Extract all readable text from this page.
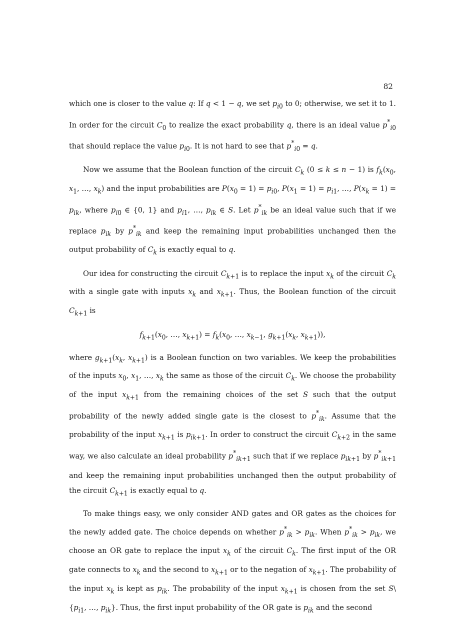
82

which one is closer to the value q: If q < 1 − q, we set $p_{i0}$ to 0; otherwise, we set it to 1. In order for the circuit $C_0$ to realize the exact probability q, there is an ideal value $p^*_{i0}$ that should replace the value $p_{i0}$. It is not hard to see that $p^*_{i0} = q$.

Now we assume that the Boolean function of the circuit $C_k$ (0 ≤ k ≤ n − 1) is $f_k(x_0$, $x_1$, …, $x_k$) and the input probabilities are $P(x_0 = 1) = p_{i0}$, $P(x_1 = 1) = p_{i1}$, …, $P(x_k = 1) = p_{ik}$, where $p_{i0}$ ∈ {0, 1} and $p_{i1}$, …, $p_{ik}$ ∈ S. Let $p^*_{ik}$ be an ideal value such that if we replace $p_{ik}$ by $p^*_{ik}$ and keep the remaining input probabilities unchanged then the output probability of $C_k$ is exactly equal to q.

Our idea for constructing the circuit $C_{k+1}$ is to replace the input $x_k$ of the circuit $C_k$ with a single gate with inputs $x_k$ and $x_{k+1}$. Thus, the Boolean function of the circuit $C_{k+1}$ is

$f_{k+1}(x_0$, …, $x_{k+1}) = f_k(x_0$, …, $x_{k-1}$, $g_{k+1}(x_k$, $x_{k+1}$)),

where $g_{k+1}(x_k$, $x_{k+1}$) is a Boolean function on two variables. We keep the probabilities of the inputs $x_0$, $x_1$, …, $x_k$ the same as those of the circuit $C_k$. We choose the probability of the input $x_{k+1}$ from the remaining choices of the set S such that the output probability of the newly added single gate is the closest to $p^*_{ik}$. Assume that the probability of the input $x_{k+1}$ is $p_{ik+1}$. In order to construct the circuit $C_{k+2}$ in the same way, we also calculate an ideal probability $p^*_{ik+1}$ such that if we replace $p_{ik+1}$ by $p^*_{ik+1}$ and keep the remaining input probabilities unchanged then the output probability of the circuit $C_{k+1}$ is exactly equal to q.

To make things easy, we only consider AND gates and OR gates as the choices for the newly added gate. The choice depends on whether $p^*_{ik} > p_{ik}$. When $p^*_{ik} > p_{ik}$, we choose an OR gate to replace the input $x_k$ of the circuit $C_k$. The first input of the OR gate connects to $x_k$ and the second to $x_{k+1}$ or to the negation of $x_{k+1}$. The probability of the input $x_k$ is kept as $p_{ik}$. The probability of the input $x_{k+1}$ is chosen from the set $S\backslash\{p_{i1}$, …, $p_{ik}$}. Thus, the first input probability of the OR gate is $p_{ik}$ and the second
